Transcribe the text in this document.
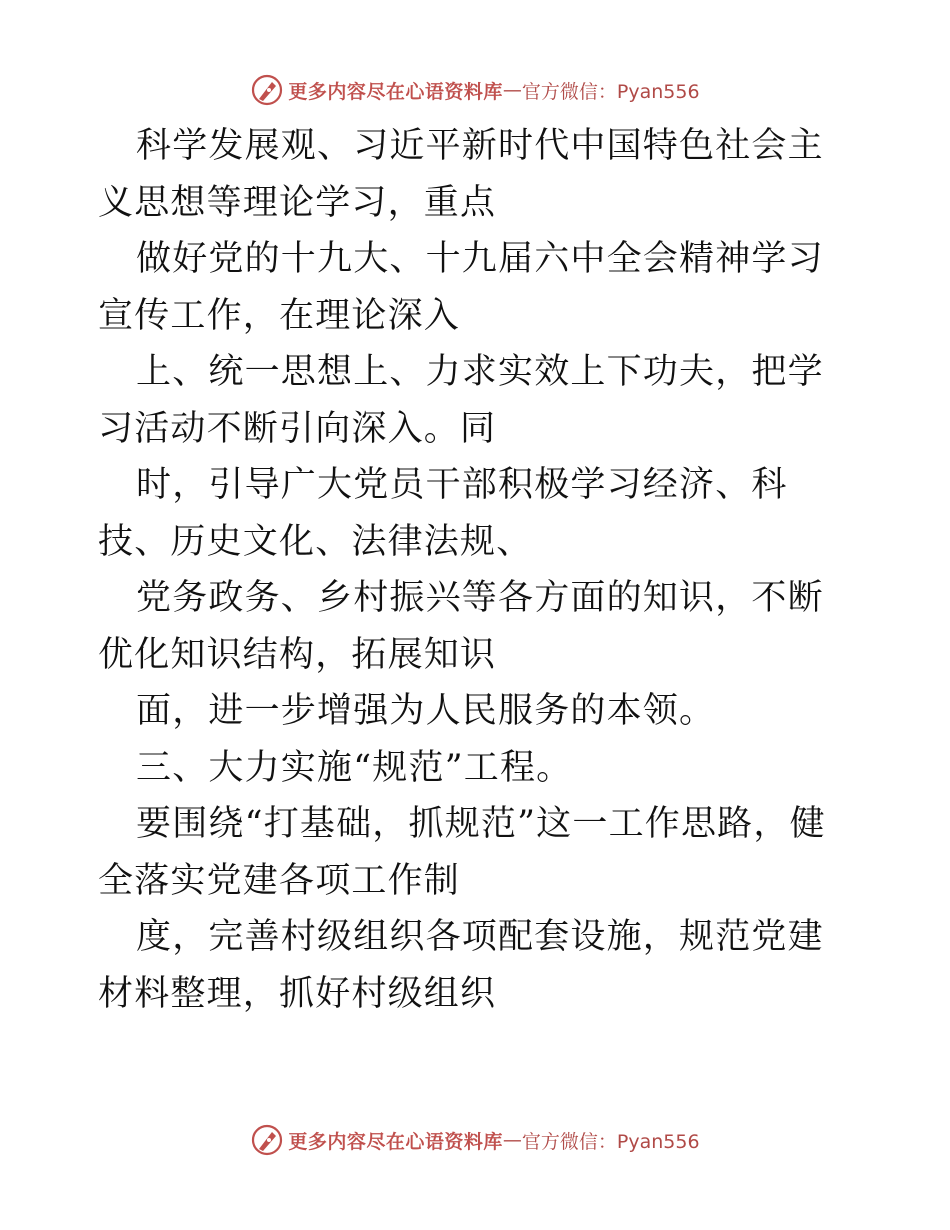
更多内容尽在心语资料库 — 官方微信：Pyan556

科学发展观、习近平新时代中国特色社会主义思想等理论学习，重点

做好党的十九大、十九届六中全会精神学习宣传工作，在理论深入

上、统一思想上、力求实效上下功夫，把学习活动不断引向深入。同

时，引导广大党员干部积极学习经济、科技、历史文化、法律法规、

党务政务、乡村振兴等各方面的知识，不断优化知识结构，拓展知识

面，进一步增强为人民服务的本领。

三、大力实施“规范”工程。

要围绕“打基础，抓规范”这一工作思路，健全落实党建各项工作制

度，完善村级组织各项配套设施，规范党建材料整理，抓好村级组织

更多内容尽在心语资料库 — 官方微信：Pyan556
